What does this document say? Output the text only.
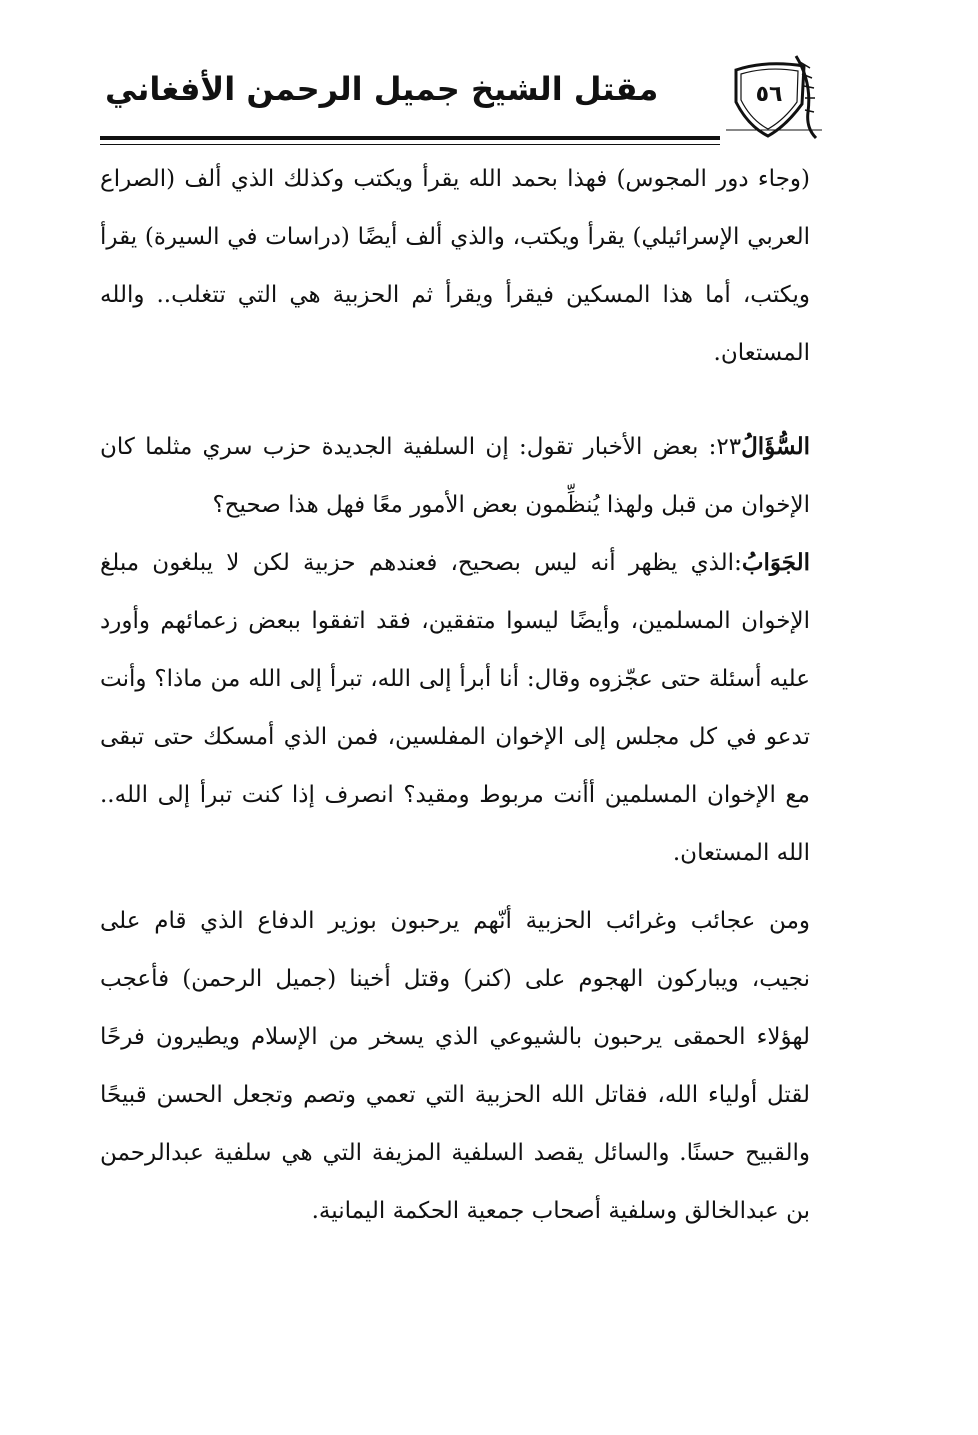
مقتل الشيخ جميل الرحمن الأفغاني	٥٦

(وجاء دور المجوس) فهذا بحمد الله يقرأ ويكتب وكذلك الذي ألف (الصراع العربي الإسرائيلي) يقرأ ويكتب، والذي ألف أيضًا (دراسات في السيرة) يقرأ ويكتب، أما هذا المسكين فيقرأ ويقرأ ثم الحزبية هي التي تتغلب.. والله المستعان.

السُّؤَالُ٢٣: بعض الأخبار تقول: إن السلفية الجديدة حزب سري مثلما كان الإخوان من قبل ولهذا يُنظِّمون بعض الأمور معًا فهل هذا صحيح؟

الجَوَابُ:الذي يظهر أنه ليس بصحيح، فعندهم حزبية لكن لا يبلغون مبلغ الإخوان المسلمين، وأيضًا ليسوا متفقين، فقد اتفقوا ببعض زعمائهم وأورد عليه أسئلة حتى عجّزوه وقال: أنا أبرأ إلى الله، تبرأ إلى الله من ماذا؟ وأنت تدعو في كل مجلس إلى الإخوان المفلسين، فمن الذي أمسكك حتى تبقى مع الإخوان المسلمين أأنت مربوط ومقيد؟ انصرف إذا كنت تبرأ إلى الله.. الله المستعان.

ومن عجائب وغرائب الحزبية أنّهم يرحبون بوزير الدفاع الذي قام على نجيب، ويباركون الهجوم على (كنر) وقتل أخينا (جميل الرحمن) فأعجب لهؤلاء الحمقى يرحبون بالشيوعي الذي يسخر من الإسلام ويطيرون فرحًا لقتل أولياء الله، فقاتل الله الحزبية التي تعمي وتصم وتجعل الحسن قبيحًا والقبيح حسنًا. والسائل يقصد السلفية المزيفة التي هي سلفية عبدالرحمن بن عبدالخالق وسلفية أصحاب جمعية الحكمة اليمانية.
